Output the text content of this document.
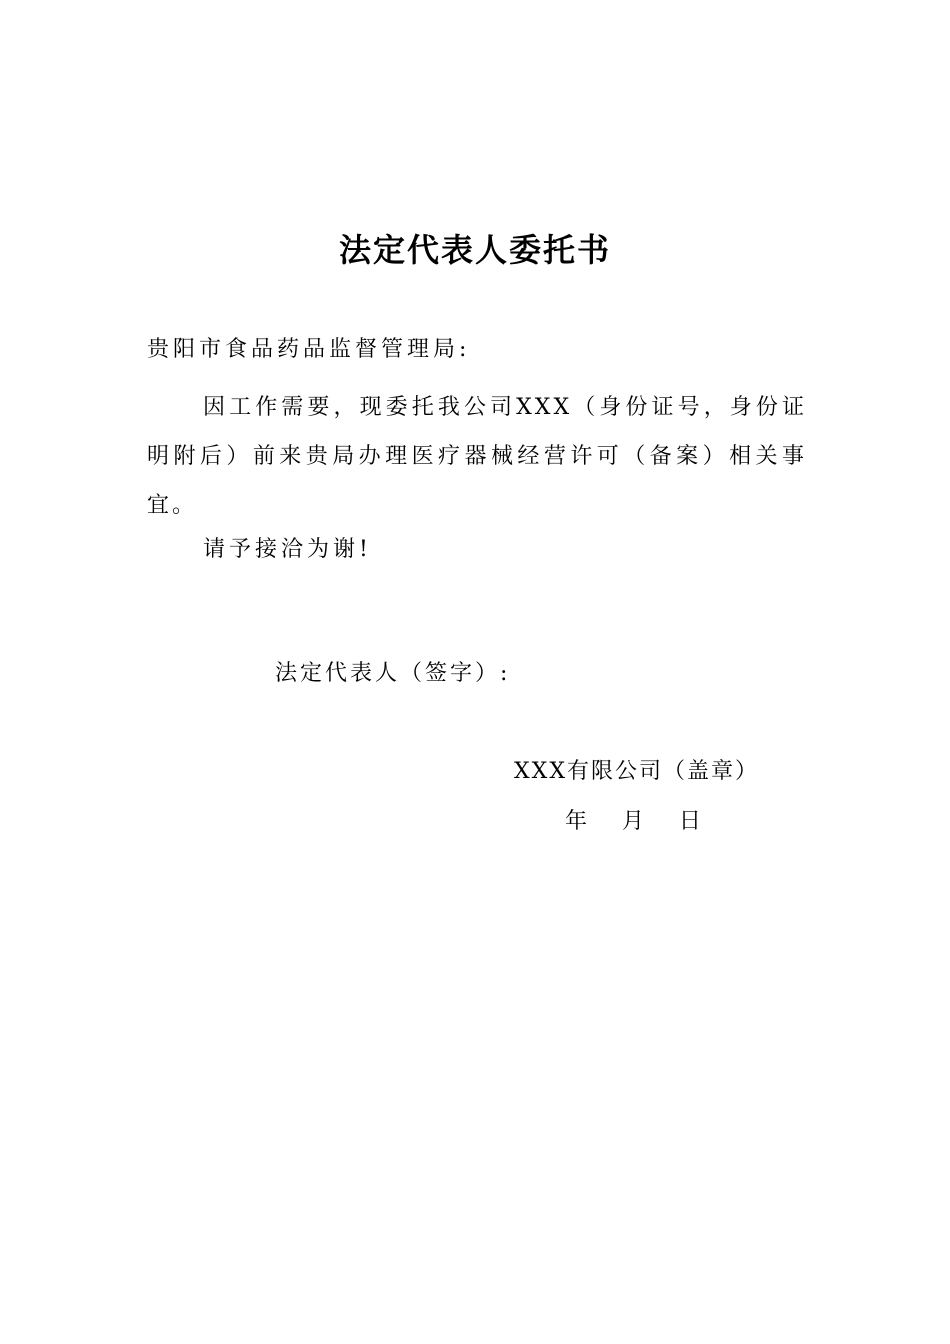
法定代表人委托书
贵阳市食品药品监督管理局:
因工作需要，现委托我公司XXX（身份证号，身份证明附后）前来贵局办理医疗器械经营许可（备案）相关事宜。
请予接洽为谢!
法定代表人（签字）:
XXX有限公司（盖章）
年     月     日
